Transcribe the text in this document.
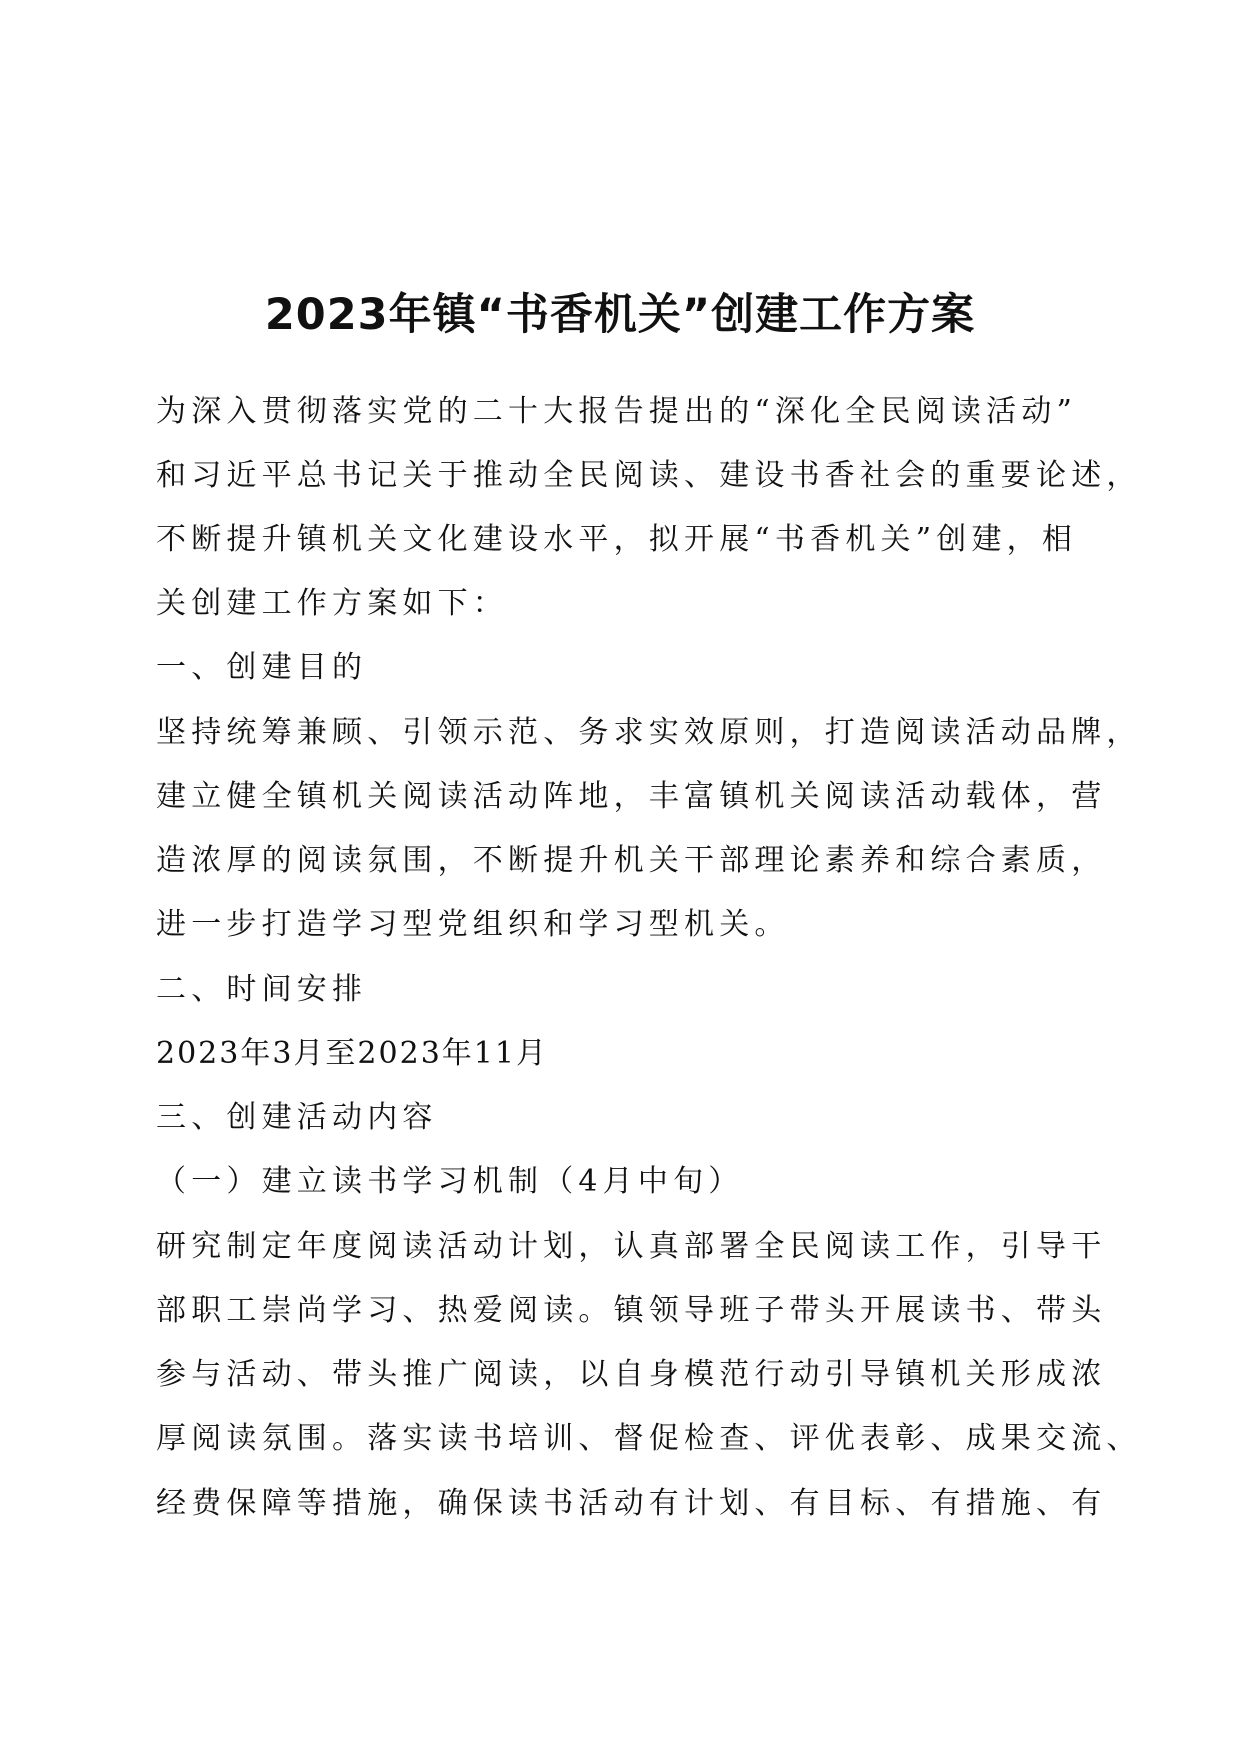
2023年镇“书香机关”创建工作方案

为深入贯彻落实党的二十大报告提出的“深化全民阅读活动”

和习近平总书记关于推动全民阅读、建设书香社会的重要论述，

不断提升镇机关文化建设水平，拟开展“书香机关”创建，相

关创建工作方案如下：

一、创建目的

坚持统筹兼顾、引领示范、务求实效原则，打造阅读活动品牌，

建立健全镇机关阅读活动阵地，丰富镇机关阅读活动载体，营

造浓厚的阅读氛围，不断提升机关干部理论素养和综合素质，

进一步打造学习型党组织和学习型机关。

二、时间安排

2023年3月至2023年11月

三、创建活动内容

（一）建立读书学习机制（4月中旬）

研究制定年度阅读活动计划，认真部署全民阅读工作，引导干

部职工崇尚学习、热爱阅读。镇领导班子带头开展读书、带头

参与活动、带头推广阅读，以自身模范行动引导镇机关形成浓

厚阅读氛围。落实读书培训、督促检查、评优表彰、成果交流、

经费保障等措施，确保读书活动有计划、有目标、有措施、有
